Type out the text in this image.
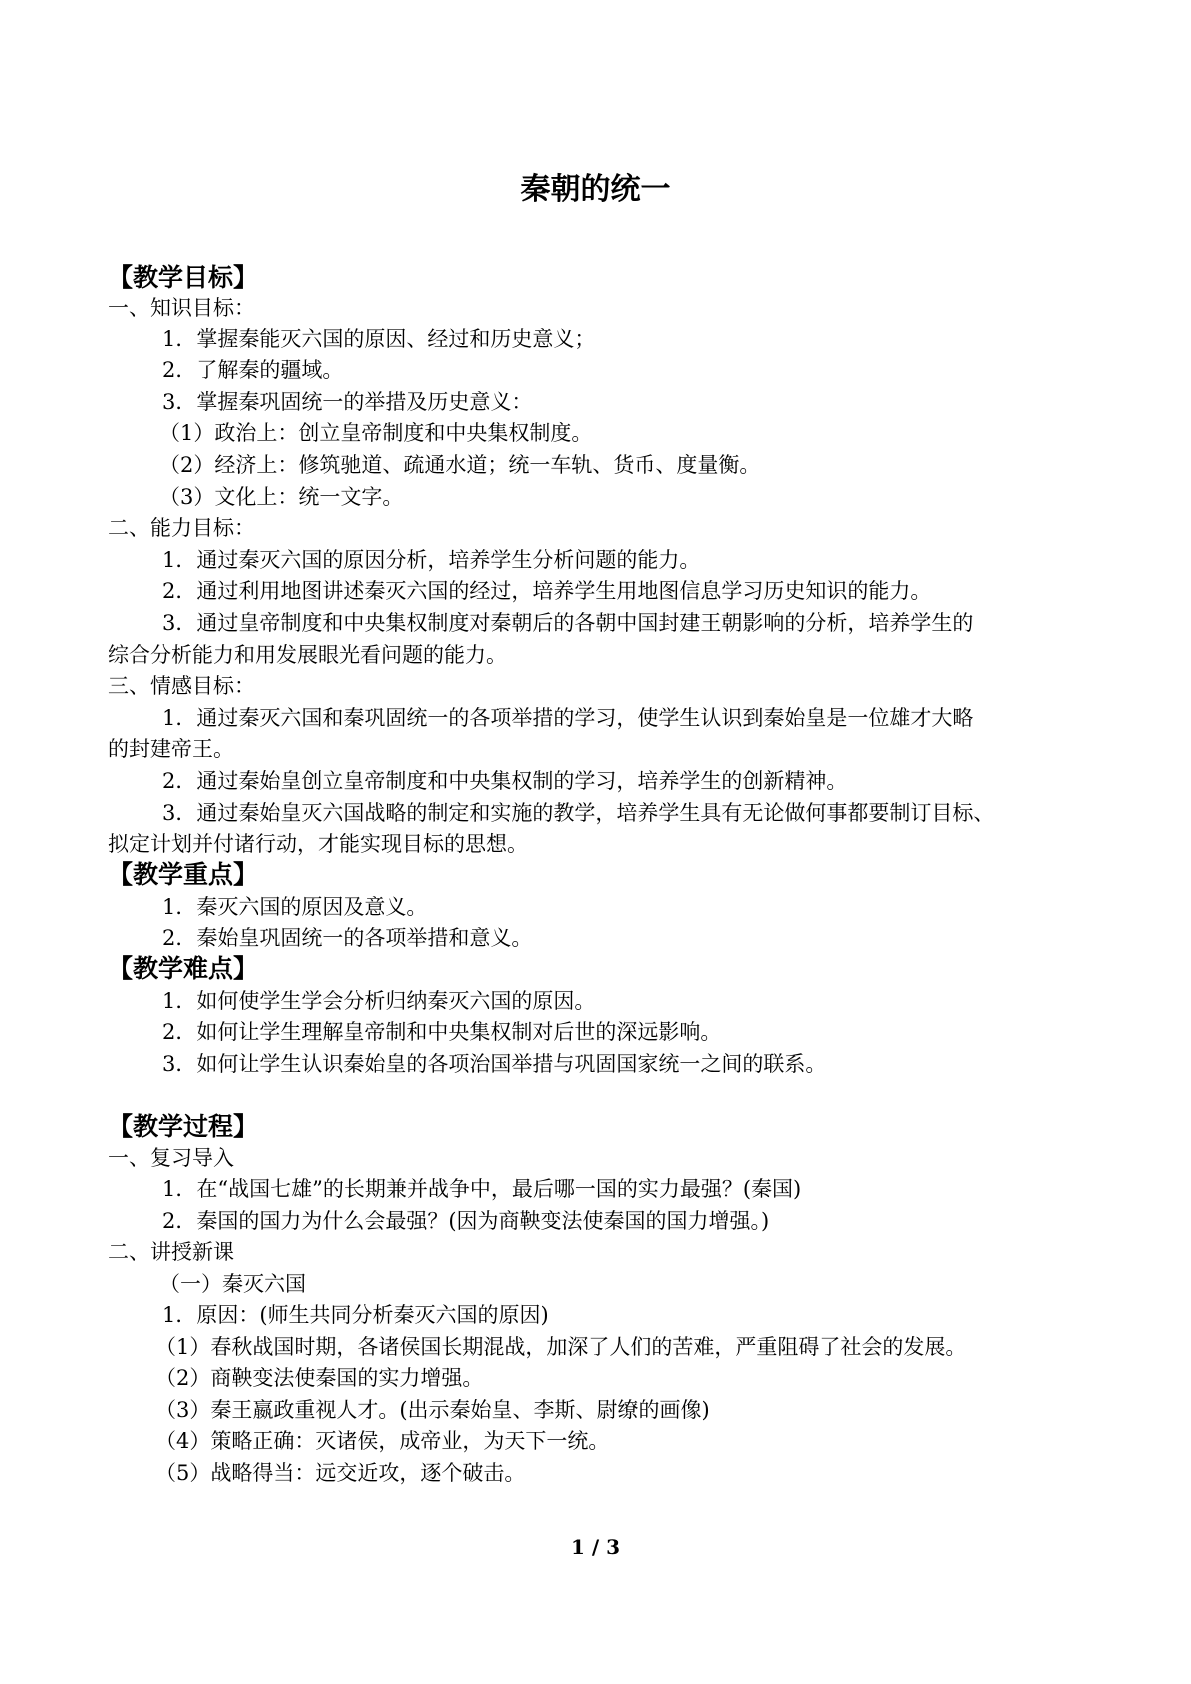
秦朝的统一
【教学目标】
一、知识目标：
1．掌握秦能灭六国的原因、经过和历史意义；
2．了解秦的疆域。
3．掌握秦巩固统一的举措及历史意义：
（1）政治上：创立皇帝制度和中央集权制度。
（2）经济上：修筑驰道、疏通水道；统一车轨、货币、度量衡。
（3）文化上：统一文字。
二、能力目标：
1．通过秦灭六国的原因分析，培养学生分析问题的能力。
2．通过利用地图讲述秦灭六国的经过，培养学生用地图信息学习历史知识的能力。
3．通过皇帝制度和中央集权制度对秦朝后的各朝中国封建王朝影响的分析，培养学生的
综合分析能力和用发展眼光看问题的能力。
三、情感目标：
1．通过秦灭六国和秦巩固统一的各项举措的学习，使学生认识到秦始皇是一位雄才大略
的封建帝王。
2．通过秦始皇创立皇帝制度和中央集权制的学习，培养学生的创新精神。
3．通过秦始皇灭六国战略的制定和实施的教学，培养学生具有无论做何事都要制订目标、
拟定计划并付诸行动，才能实现目标的思想。
【教学重点】
1．秦灭六国的原因及意义。
2．秦始皇巩固统一的各项举措和意义。
【教学难点】
1．如何使学生学会分析归纳秦灭六国的原因。
2．如何让学生理解皇帝制和中央集权制对后世的深远影响。
3．如何让学生认识秦始皇的各项治国举措与巩固国家统一之间的联系。
【教学过程】
一、复习导入
1．在“战国七雄”的长期兼并战争中，最后哪一国的实力最强？(秦国)
2．秦国的国力为什么会最强？(因为商鞅变法使秦国的国力增强。)
二、讲授新课
（一）秦灭六国
1．原因：(师生共同分析秦灭六国的原因)
（1）春秋战国时期，各诸侯国长期混战，加深了人们的苦难，严重阻碍了社会的发展。
（2）商鞅变法使秦国的实力增强。
（3）秦王嬴政重视人才。(出示秦始皇、李斯、尉缭的画像)
（4）策略正确：灭诸侯，成帝业，为天下一统。
（5）战略得当：远交近攻，逐个破击。
1 / 3
